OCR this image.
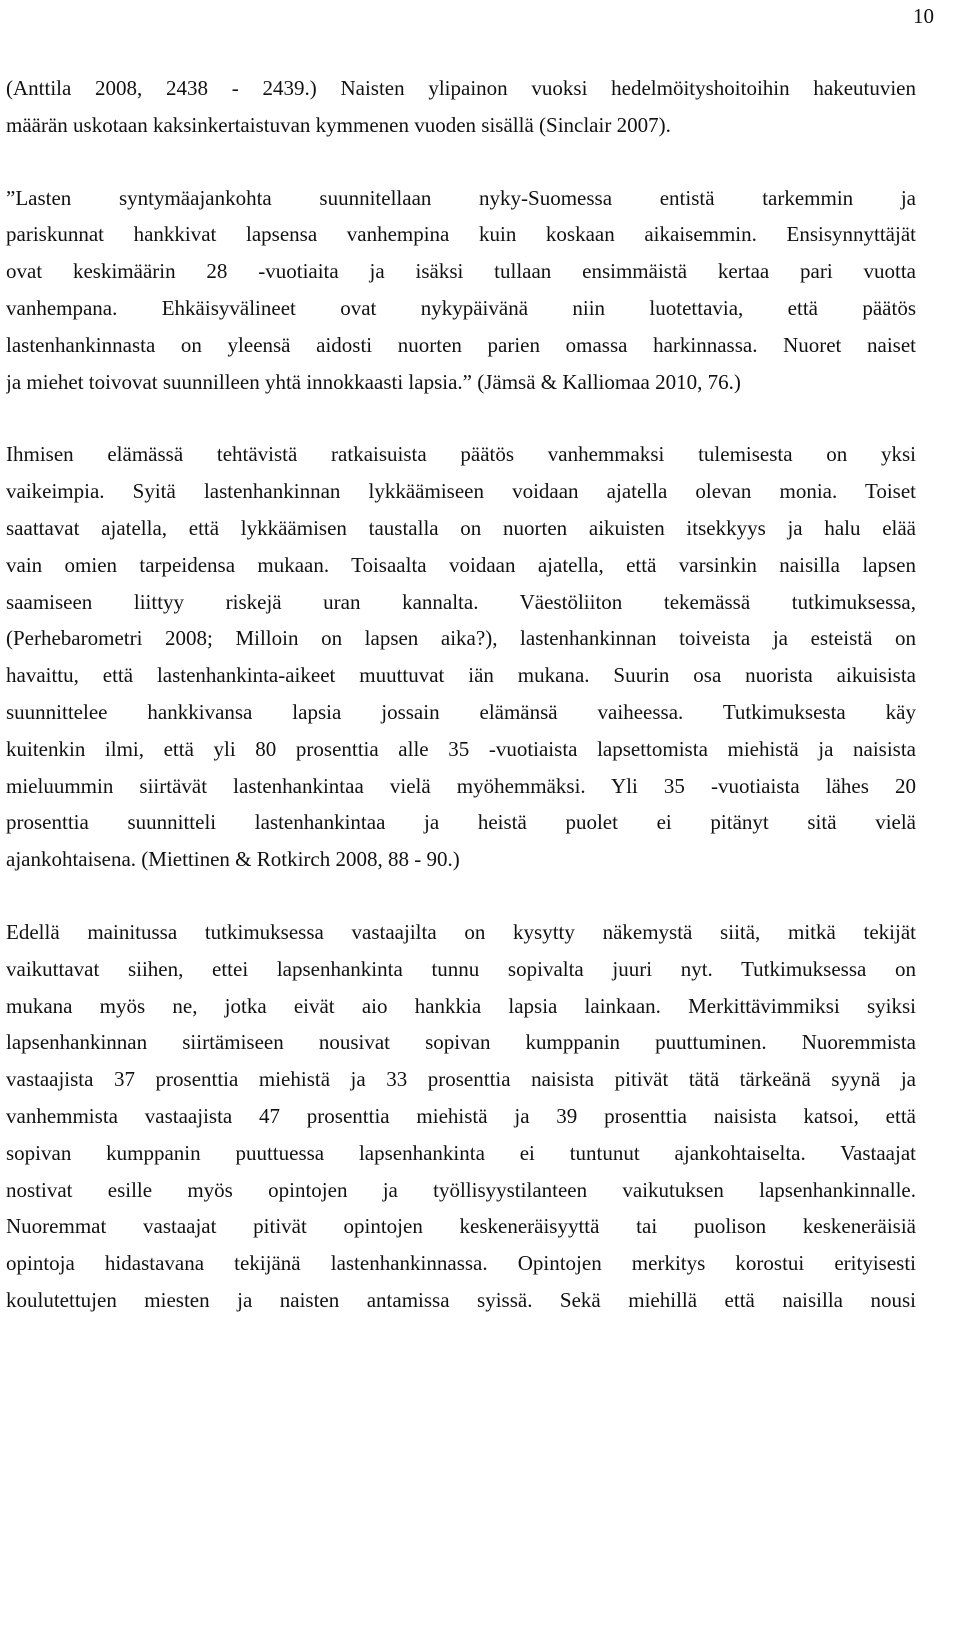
10
(Anttila 2008, 2438 - 2439.) Naisten ylipainon vuoksi hedelmöityshoitoihin hakeutuvien
määrän uskotaan kaksinkertaistuvan kymmenen vuoden sisällä (Sinclair 2007).
”Lasten syntymäajankohta suunnitellaan nyky-Suomessa entistä tarkemmin ja
pariskunnat hankkivat lapsensa vanhempina kuin koskaan aikaisemmin. Ensisynnyttäjät
ovat keskimäärin 28 -vuotiaita ja isäksi tullaan ensimmäistä kertaa pari vuotta
vanhempana. Ehkäisyvälineet ovat nykypäivänä niin luotettavia, että päätös
lastenhankinnasta on yleensä aidosti nuorten parien omassa harkinnassa. Nuoret naiset
ja miehet toivovat suunnilleen yhtä innokkaasti lapsia.” (Jämsä & Kalliomaa 2010, 76.)
Ihmisen elämässä tehtävistä ratkaisuista päätös vanhemmaksi tulemisesta on yksi
vaikeimpia. Syitä lastenhankinnan lykkäämiseen voidaan ajatella olevan monia. Toiset
saattavat ajatella, että lykkäämisen taustalla on nuorten aikuisten itsekkyys ja halu elää
vain omien tarpeidensa mukaan. Toisaalta voidaan ajatella, että varsinkin naisilla lapsen
saamiseen liittyy riskejä uran kannalta. Väestöliiton tekemässä tutkimuksessa,
(Perhebarometri 2008; Milloin on lapsen aika?), lastenhankinnan toiveista ja esteistä on
havaittu, että lastenhankinta-aikeet muuttuvat iän mukana. Suurin osa nuorista aikuisista
suunnittelee hankkivansa lapsia jossain elämänsä vaiheessa. Tutkimuksesta käy
kuitenkin ilmi, että yli 80 prosenttia alle 35 -vuotiaista lapsettomista miehistä ja naisista
mieluummin siirtävät lastenhankintaa vielä myöhemmäksi. Yli 35 -vuotiaista lähes 20
prosenttia suunnitteli lastenhankintaa ja heistä puolet ei pitänyt sitä vielä
ajankohtaisena. (Miettinen & Rotkirch 2008, 88 - 90.)
Edellä mainitussa tutkimuksessa vastaajilta on kysytty näkemystä siitä, mitkä tekijät
vaikuttavat siihen, ettei lapsenhankinta tunnu sopivalta juuri nyt. Tutkimuksessa on
mukana myös ne, jotka eivät aio hankkia lapsia lainkaan. Merkittävimmiksi syiksi
lapsenhankinnan siirtämiseen nousivat sopivan kumppanin puuttuminen. Nuoremmista
vastaajista 37 prosenttia miehistä ja 33 prosenttia naisista pitivät tätä tärkeänä syynä ja
vanhemmista vastaajista 47 prosenttia miehistä ja 39 prosenttia naisista katsoi, että
sopivan kumppanin puuttuessa lapsenhankinta ei tuntunut ajankohtaiselta. Vastaajat
nostivat esille myös opintojen ja työllisyystilanteen vaikutuksen lapsenhankinnalle.
Nuoremmat vastaajat pitivät opintojen keskeneräisyyttä tai puolison keskeneräisiä
opintoja hidastavana tekijänä lastenhankinnassa. Opintojen merkitys korostui erityisesti
koulutettujen miesten ja naisten antamissa syissä. Sekä miehillä että naisilla nousi
